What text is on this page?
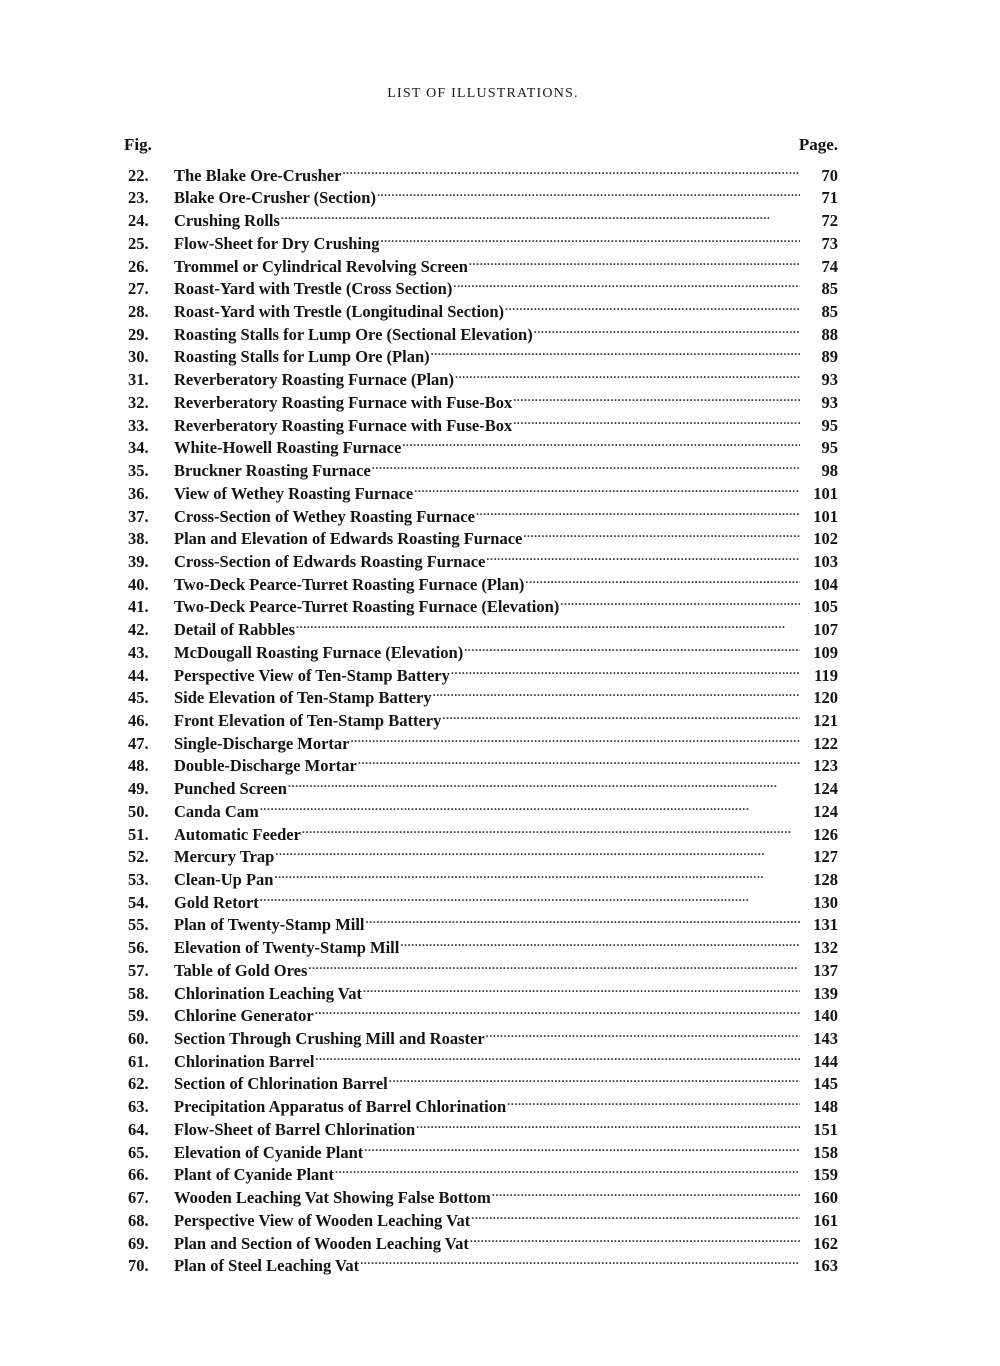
LIST OF ILLUSTRATIONS.
Fig.	Page.
22.	The Blake Ore-Crusher . . .	70
23.	Blake Ore-Crusher (Section) . . .	71
24.	Crushing Rolls . . .	72
25.	Flow-Sheet for Dry Crushing . . .	73
26.	Trommel or Cylindrical Revolving Screen . . .	74
27.	Roast-Yard with Trestle (Cross Section) . . .	85
28.	Roast-Yard with Trestle (Longitudinal Section) . . .	85
29.	Roasting Stalls for Lump Ore (Sectional Elevation) . . .	88
30.	Roasting Stalls for Lump Ore (Plan) . . .	89
31.	Reverberatory Roasting Furnace (Plan) . . .	93
32.	Reverberatory Roasting Furnace with Fuse-Box . . .	93
33.	Reverberatory Roasting Furnace with Fuse-Box . . .	95
34.	White-Howell Roasting Furnace . . .	95
35.	Bruckner Roasting Furnace . . .	98
36.	View of Wethey Roasting Furnace . . .	101
37.	Cross-Section of Wethey Roasting Furnace . . .	101
38.	Plan and Elevation of Edwards Roasting Furnace . . .	102
39.	Cross-Section of Edwards Roasting Furnace . . .	103
40.	Two-Deck Pearce-Turret Roasting Furnace (Plan) . . .	104
41.	Two-Deck Pearce-Turret Roasting Furnace (Elevation) . . .	105
42.	Detail of Rabbles . . .	107
43.	McDougall Roasting Furnace (Elevation) . . .	109
44.	Perspective View of Ten-Stamp Battery . . .	119
45.	Side Elevation of Ten-Stamp Battery . . .	120
46.	Front Elevation of Ten-Stamp Battery . . .	121
47.	Single-Discharge Mortar . . .	122
48.	Double-Discharge Mortar . . .	123
49.	Punched Screen . . .	124
50.	Canda Cam . . .	124
51.	Automatic Feeder . . .	126
52.	Mercury Trap . . .	127
53.	Clean-Up Pan . . .	128
54.	Gold Retort . . .	130
55.	Plan of Twenty-Stamp Mill . . .	131
56.	Elevation of Twenty-Stamp Mill . . .	132
57.	Table of Gold Ores . . .	137
58.	Chlorination Leaching Vat . . .	139
59.	Chlorine Generator . . .	140
60.	Section Through Crushing Mill and Roaster . . .	143
61.	Chlorination Barrel . . .	144
62.	Section of Chlorination Barrel . . .	145
63.	Precipitation Apparatus of Barrel Chlorination . . .	148
64.	Flow-Sheet of Barrel Chlorination . . .	151
65.	Elevation of Cyanide Plant . . .	158
66.	Plant of Cyanide Plant . . .	159
67.	Wooden Leaching Vat Showing False Bottom . . .	160
68.	Perspective View of Wooden Leaching Vat . . .	161
69.	Plan and Section of Wooden Leaching Vat . . .	162
70.	Plan of Steel Leaching Vat . . .	163
